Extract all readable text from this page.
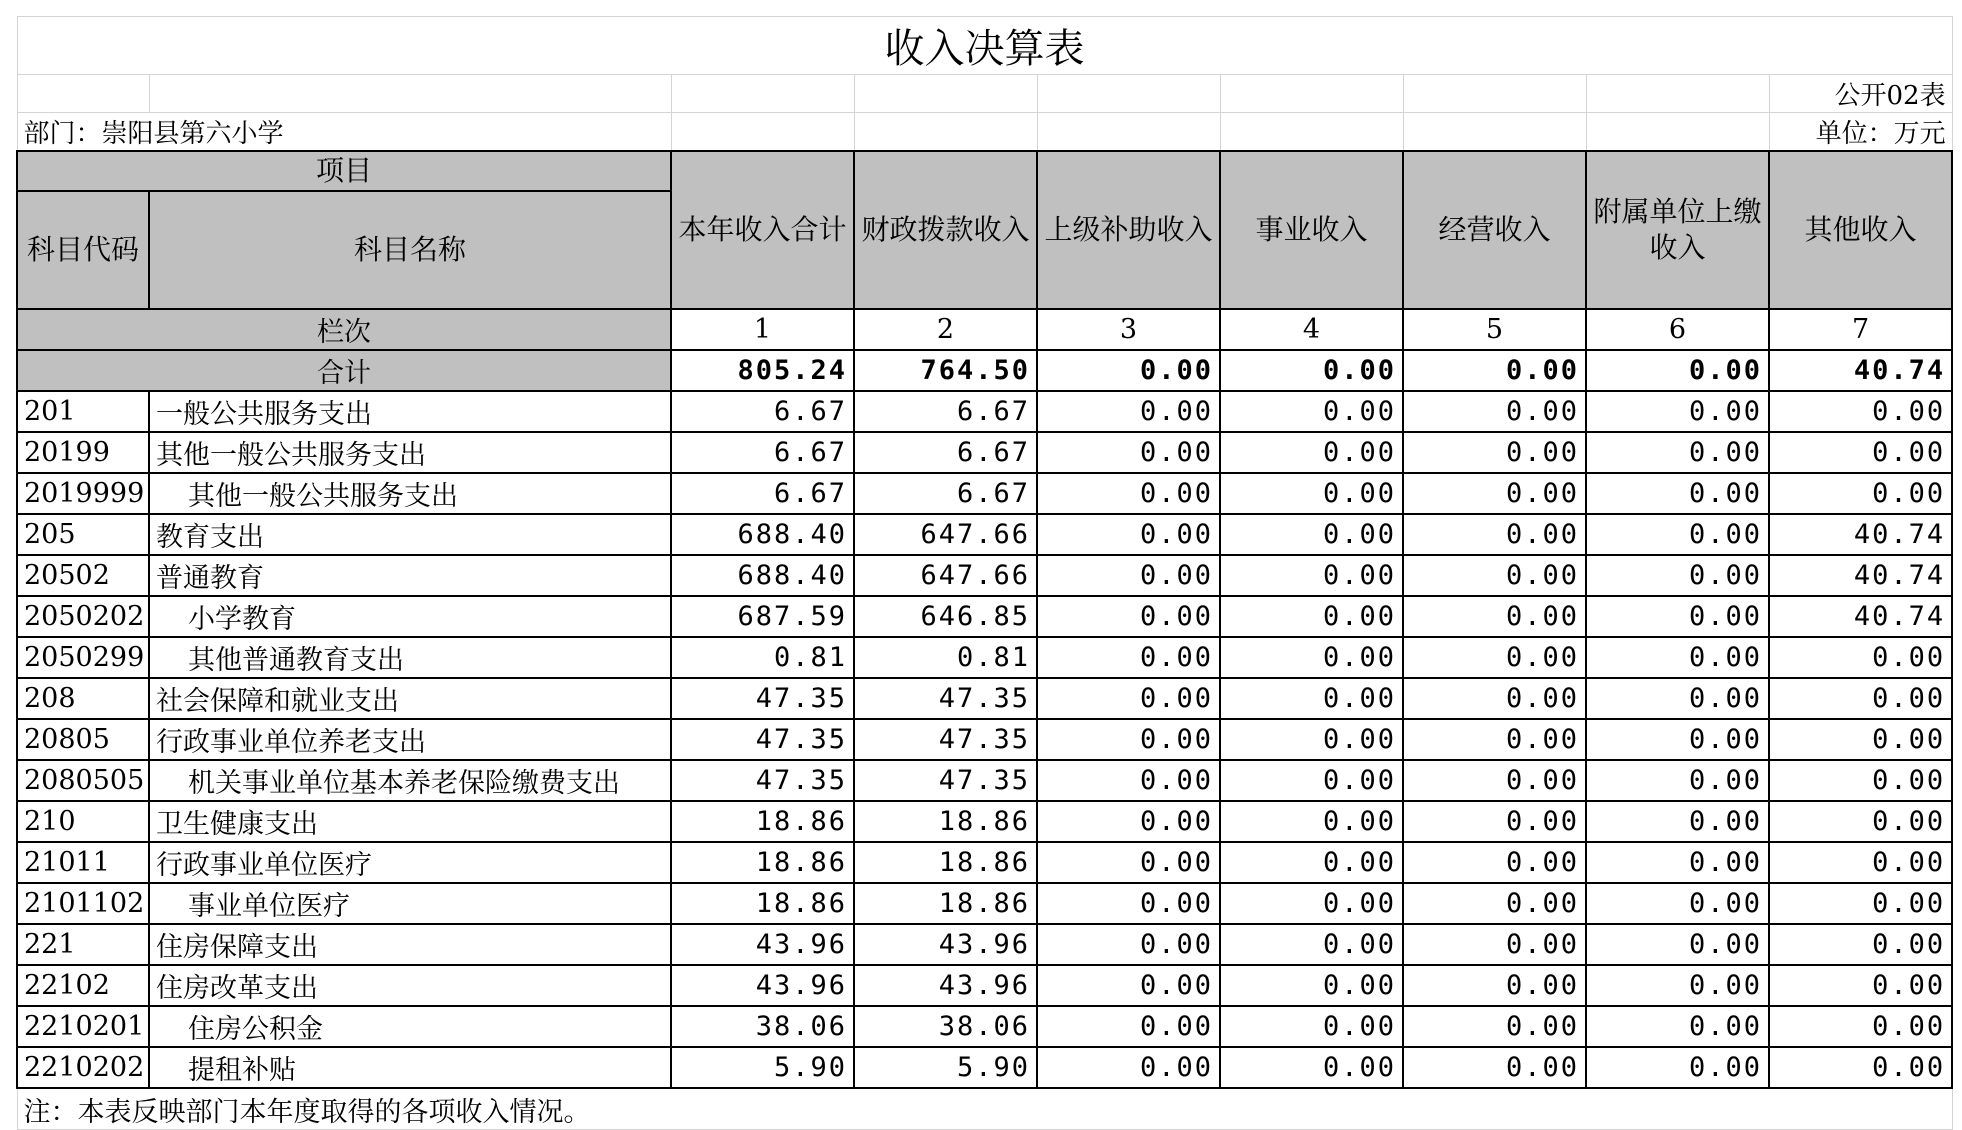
收入决算表								
								公开02表
部门：崇阳县第六小学								单位：万元
项目		本年收入合计	财政拨款收入	上级补助收入	事业收入	经营收入	附属单位上缴收入	其他收入
科目代码	科目名称							
栏次		1	2	3	4	5	6	7
合计		805.24	764.50	0.00	0.00	0.00	0.00	40.74
201	一般公共服务支出	6.67	6.67	0.00	0.00	0.00	0.00	0.00
20199	其他一般公共服务支出	6.67	6.67	0.00	0.00	0.00	0.00	0.00
2019999	其他一般公共服务支出	6.67	6.67	0.00	0.00	0.00	0.00	0.00
205	教育支出	688.40	647.66	0.00	0.00	0.00	0.00	40.74
20502	普通教育	688.40	647.66	0.00	0.00	0.00	0.00	40.74
2050202	小学教育	687.59	646.85	0.00	0.00	0.00	0.00	40.74
2050299	其他普通教育支出	0.81	0.81	0.00	0.00	0.00	0.00	0.00
208	社会保障和就业支出	47.35	47.35	0.00	0.00	0.00	0.00	0.00
20805	行政事业单位养老支出	47.35	47.35	0.00	0.00	0.00	0.00	0.00
2080505	机关事业单位基本养老保险缴费支出	47.35	47.35	0.00	0.00	0.00	0.00	0.00
210	卫生健康支出	18.86	18.86	0.00	0.00	0.00	0.00	0.00
21011	行政事业单位医疗	18.86	18.86	0.00	0.00	0.00	0.00	0.00
2101102	事业单位医疗	18.86	18.86	0.00	0.00	0.00	0.00	0.00
221	住房保障支出	43.96	43.96	0.00	0.00	0.00	0.00	0.00
22102	住房改革支出	43.96	43.96	0.00	0.00	0.00	0.00	0.00
2210201	住房公积金	38.06	38.06	0.00	0.00	0.00	0.00	0.00
2210202	提租补贴	5.90	5.90	0.00	0.00	0.00	0.00	0.00
注：本表反映部门本年度取得的各项收入情况。								
